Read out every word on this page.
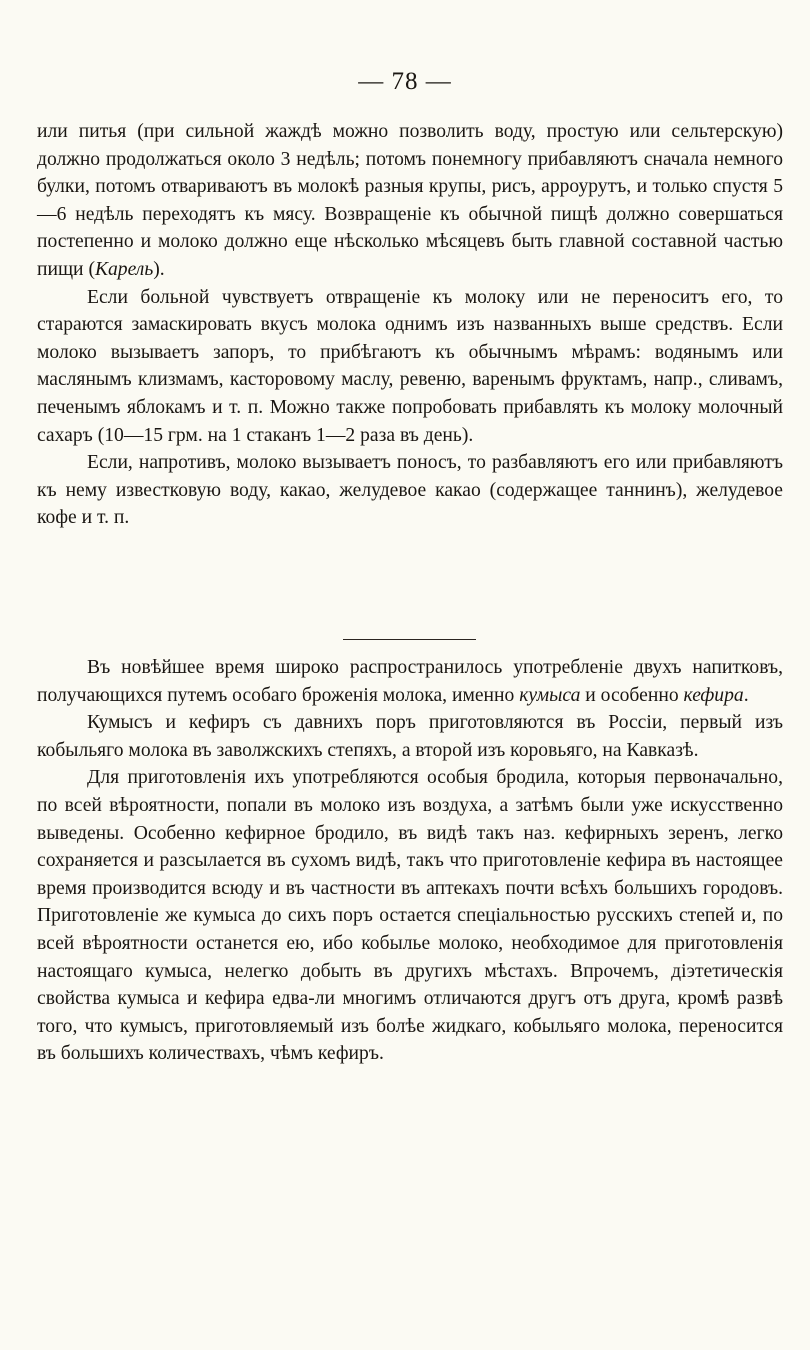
— 78 —

или питья (при сильной жаждѣ можно позволить воду, простую или сельтерскую) должно продолжаться около 3 недѣль; потомъ понемногу прибавляютъ сначала немного булки, потомъ отвариваютъ въ молокѣ разныя крупы, рисъ, арроурутъ, и только спустя 5—6 недѣль переходятъ къ мясу. Возвращеніе къ обычной пищѣ должно совершаться постепенно и молоко должно еще нѣсколько мѣсяцевъ быть главной составной частью пищи (Карель).

Если больной чувствуетъ отвращеніе къ молоку или не переноситъ его, то стараются замаскировать вкусъ молока однимъ изъ названныхъ выше средствъ. Если молоко вызываетъ запоръ, то прибѣгаютъ къ обычнымъ мѣрамъ: водянымъ или маслянымъ клизмамъ, касторовому маслу, ревеню, варенымъ фруктамъ, напр., сливамъ, печенымъ яблокамъ и т. п. Можно также попробовать прибавлять къ молоку молочный сахаръ (10—15 грм. на 1 стаканъ 1—2 раза въ день).

Если, напротивъ, молоко вызываетъ поносъ, то разбавляютъ его или прибавляютъ къ нему известковую воду, какао, желудевое какао (содержащее таннинъ), желудевое кофе и т. п.

Въ новѣйшее время широко распространилось употребленіе двухъ напитковъ, получающихся путемъ особаго броженія молока, именно кумыса и особенно кефира.

Кумысъ и кефиръ съ давнихъ поръ приготовляются въ Россіи, первый изъ кобыльяго молока въ заволжскихъ степяхъ, а второй изъ коровьяго, на Кавказѣ.

Для приготовленія ихъ употребляются особыя бродила, которыя первоначально, по всей вѣроятности, попали въ молоко изъ воздуха, а затѣмъ были уже искусственно выведены. Особенно кефирное бродило, въ видѣ такъ наз. кефирныхъ зеренъ, легко сохраняется и разсылается въ сухомъ видѣ, такъ что приготовленіе кефира въ настоящее время производится всюду и въ частности въ аптекахъ почти всѣхъ большихъ городовъ. Приготовленіе же кумыса до сихъ поръ остается спеціальностью русскихъ степей и, по всей вѣроятности останется ею, ибо кобылье молоко, необходимое для приготовленія настоящаго кумыса, нелегко добыть въ другихъ мѣстахъ. Впрочемъ, діэтетическія свойства кумыса и кефира едва-ли многимъ отличаются другъ отъ друга, кромѣ развѣ того, что кумысъ, приготовляемый изъ болѣе жидкаго, кобыльяго молока, переносится въ большихъ количествахъ, чѣмъ кефиръ.
